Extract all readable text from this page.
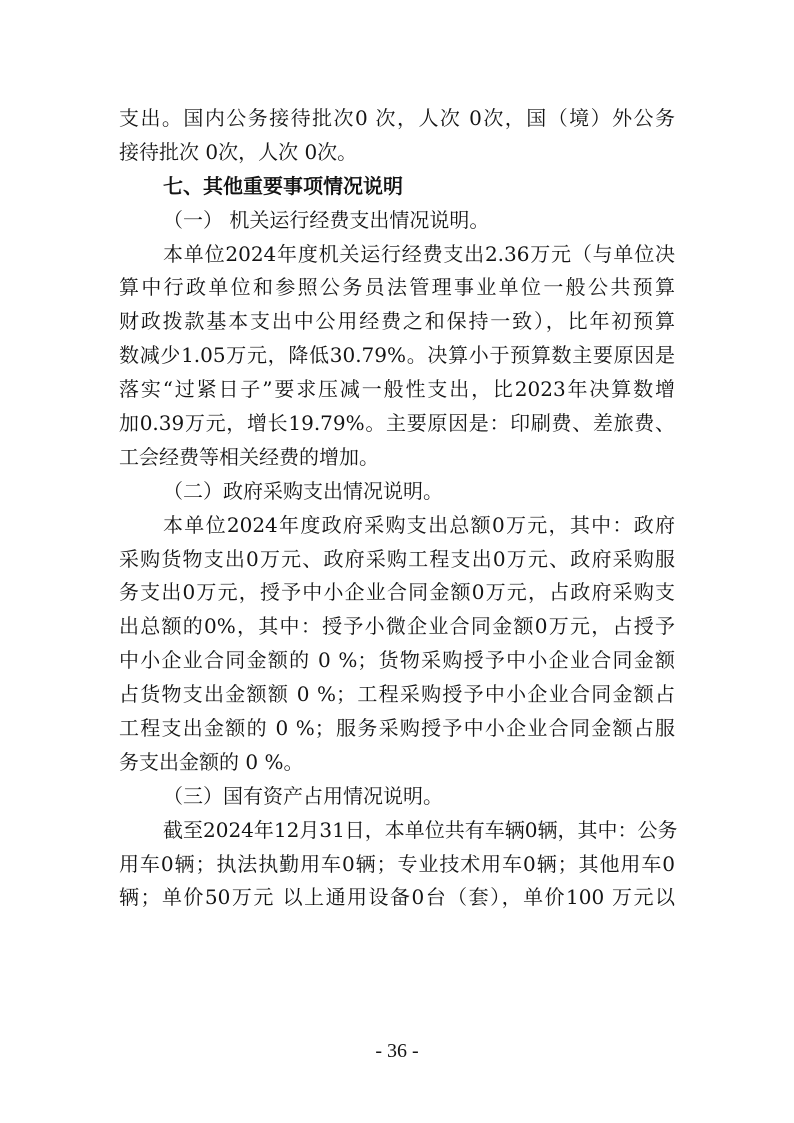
支出。国内公务接待批次0 次，人次 0次，国（境）外公务
接待批次 0次，人次 0次。
七、其他重要事项情况说明
（一） 机关运行经费支出情况说明。
本单位2024年度机关运行经费支出2.36万元（与单位决
算中行政单位和参照公务员法管理事业单位一般公共预算
财政拨款基本支出中公用经费之和保持一致），比年初预算
数减少1.05万元，降低30.79%。决算小于预算数主要原因是
落实“过紧日子”要求压减一般性支出，比2023年决算数增
加0.39万元，增长19.79%。主要原因是：印刷费、差旅费、
工会经费等相关经费的增加。
（二）政府采购支出情况说明。
本单位2024年度政府采购支出总额0万元，其中：政府
采购货物支出0万元、政府采购工程支出0万元、政府采购服
务支出0万元，授予中小企业合同金额0万元，占政府采购支
出总额的0%，其中：授予小微企业合同金额0万元，占授予
中小企业合同金额的 0 %；货物采购授予中小企业合同金额
占货物支出金额额 0 %；工程采购授予中小企业合同金额占
工程支出金额的 0 %；服务采购授予中小企业合同金额占服
务支出金额的 0 %。
（三）国有资产占用情况说明。
截至2024年12月31日，本单位共有车辆0辆，其中：公务
用车0辆；执法执勤用车0辆；专业技术用车0辆；其他用车0
辆；单价50万元 以上通用设备0台（套），单价100 万元以
- 36 -
